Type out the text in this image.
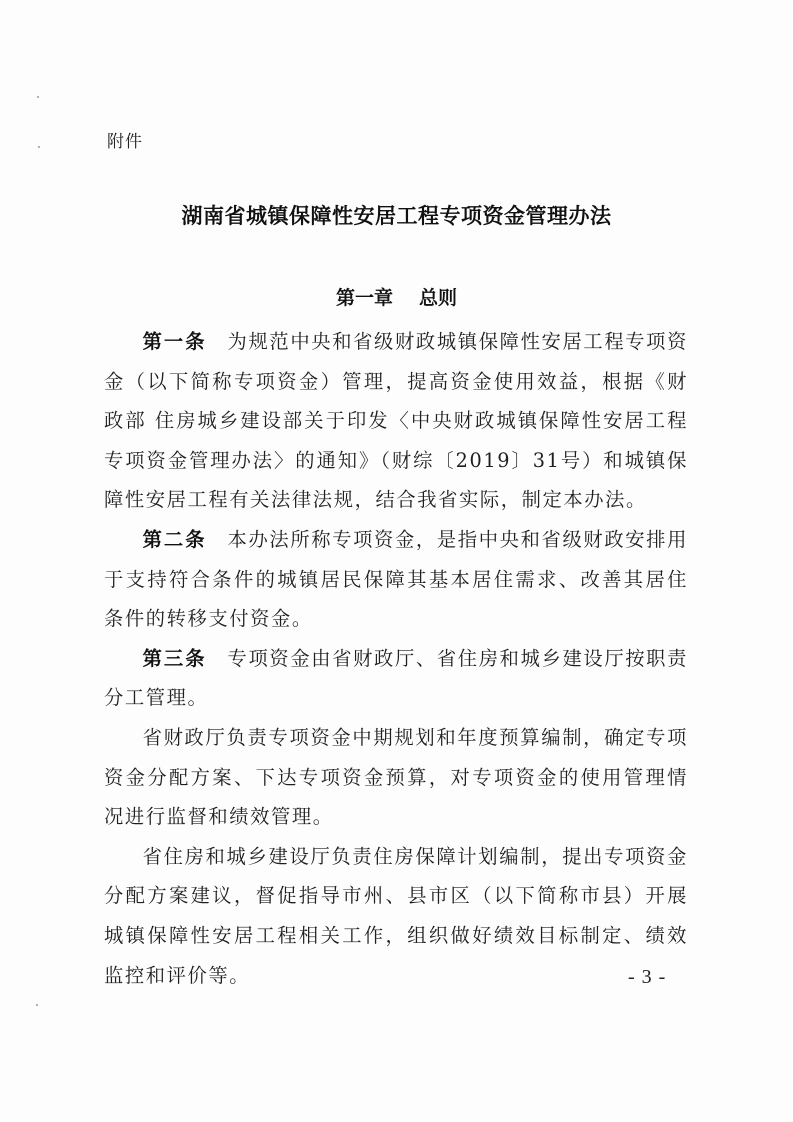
附件
湖南省城镇保障性安居工程专项资金管理办法
第一章 总则

第一条　 为规范中央和省级财政城镇保障性安居工程专项资金（以下简称专项资金）管理，提高资金使用效益，根据《财政部 住房城乡建设部关于印发〈中央财政城镇保障性安居工程专项资金管理办法〉的通知》（财综〔2019〕31号）和城镇保障性安居工程有关法律法规，结合我省实际，制定本办法。

第二条　 本办法所称专项资金，是指中央和省级财政安排用于支持符合条件的城镇居民保障其基本居住需求、改善其居住条件的转移支付资金。

第三条　 专项资金由省财政厅、省住房和城乡建设厅按职责分工管理。

省财政厅负责专项资金中期规划和年度预算编制，确定专项资金分配方案、下达专项资金预算，对专项资金的使用管理情况进行监督和绩效管理。

省住房和城乡建设厅负责住房保障计划编制，提出专项资金分配方案建议，督促指导市州、县市区（以下简称市县）开展城镇保障性安居工程相关工作，组织做好绩效目标制定、绩效监控和评价等。	- 3 -
